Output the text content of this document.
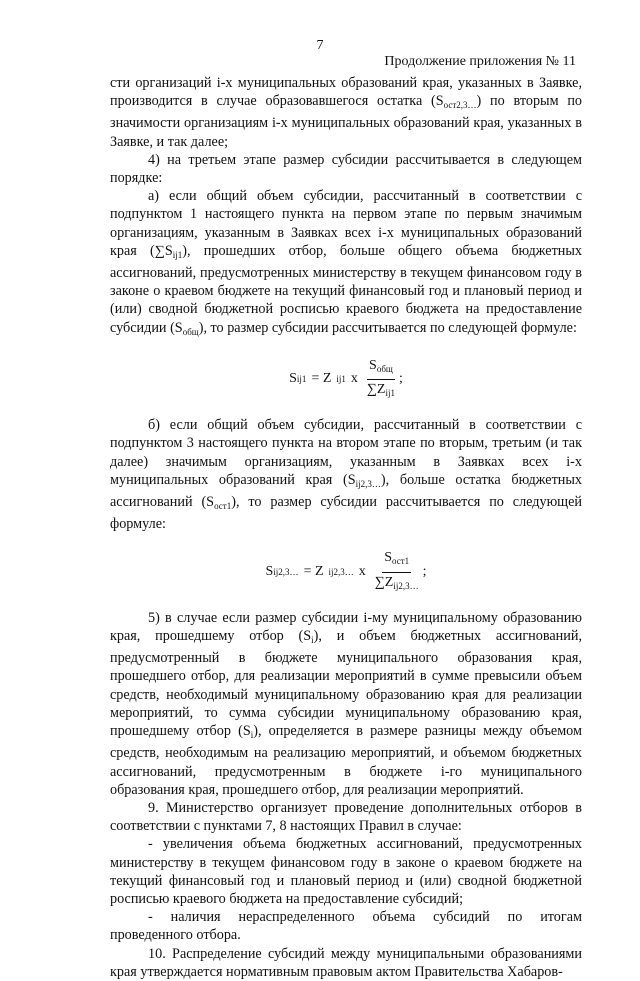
7
Продолжение приложения № 11

сти организаций i-х муниципальных образований края, указанных в Заявке, производится в случае образовавшегося остатка $(S_{ост2,3\dots})$ по вторым по значимости организациям i-х муниципальных образований края, указанных в Заявке, и так далее;

4) на третьем этапе размер субсидии рассчитывается в следующем порядке:

а) если общий объем субсидии, рассчитанный в соответствии с подпунктом 1 настоящего пункта на первом этапе по первым значимым организациям, указанным в Заявках всех i-х муниципальных образований края $(\sum S_{ij1})$, прошедших отбор, больше общего объема бюджетных ассигнований, предусмотренных министерству в текущем финансовом году в законе о краевом бюджете на текущий финансовый год и плановый период и (или) сводной бюджетной росписью краевого бюджета на предоставление субсидии $(S_{общ})$, то размер субсидии рассчитывается по следующей формуле:

S ij1 = Z ij1 x $\frac{S_{общ}}{\sum Z_{ij1}}$ ;

б) если общий объем субсидии, рассчитанный в соответствии с подпунктом 3 настоящего пункта на втором этапе по вторым, третьим (и так далее) значимым организациям, указанным в Заявках всех i-х муниципальных образований края $(S_{ij2,3\dots})$, больше остатка бюджетных ассигнований $(S_{ост1})$, то размер субсидии рассчитывается по следующей формуле:

S ij2,3… = Z ij2,3… x $\frac{S_{ост1}}{\sum Z_{ij2,3\dots}}$ ;

5) в случае если размер субсидии i-му муниципальному образованию края, прошедшему отбор $(S_i)$, и объем бюджетных ассигнований, предусмотренный в бюджете муниципального образования края, прошедшего отбор, для реализации мероприятий в сумме превысили объем средств, необходимый муниципальному образованию края для реализации мероприятий, то сумма субсидии муниципальному образованию края, прошедшему отбор $(S_i)$, определяется в размере разницы между объемом средств, необходимым на реализацию мероприятий, и объемом бюджетных ассигнований, предусмотренным в бюджете i-го муниципального образования края, прошедшего отбор, для реализации мероприятий.

9. Министерство организует проведение дополнительных отборов в соответствии с пунктами 7, 8 настоящих Правил в случае:

- увеличения объема бюджетных ассигнований, предусмотренных министерству в текущем финансовом году в законе о краевом бюджете на текущий финансовый год и плановый период и (или) сводной бюджетной росписью краевого бюджета на предоставление субсидий;

- наличия нераспределенного объема субсидий по итогам проведенного отбора.

10. Распределение субсидий между муниципальными образованиями края утверждается нормативным правовым актом Правительства Хабаров-
